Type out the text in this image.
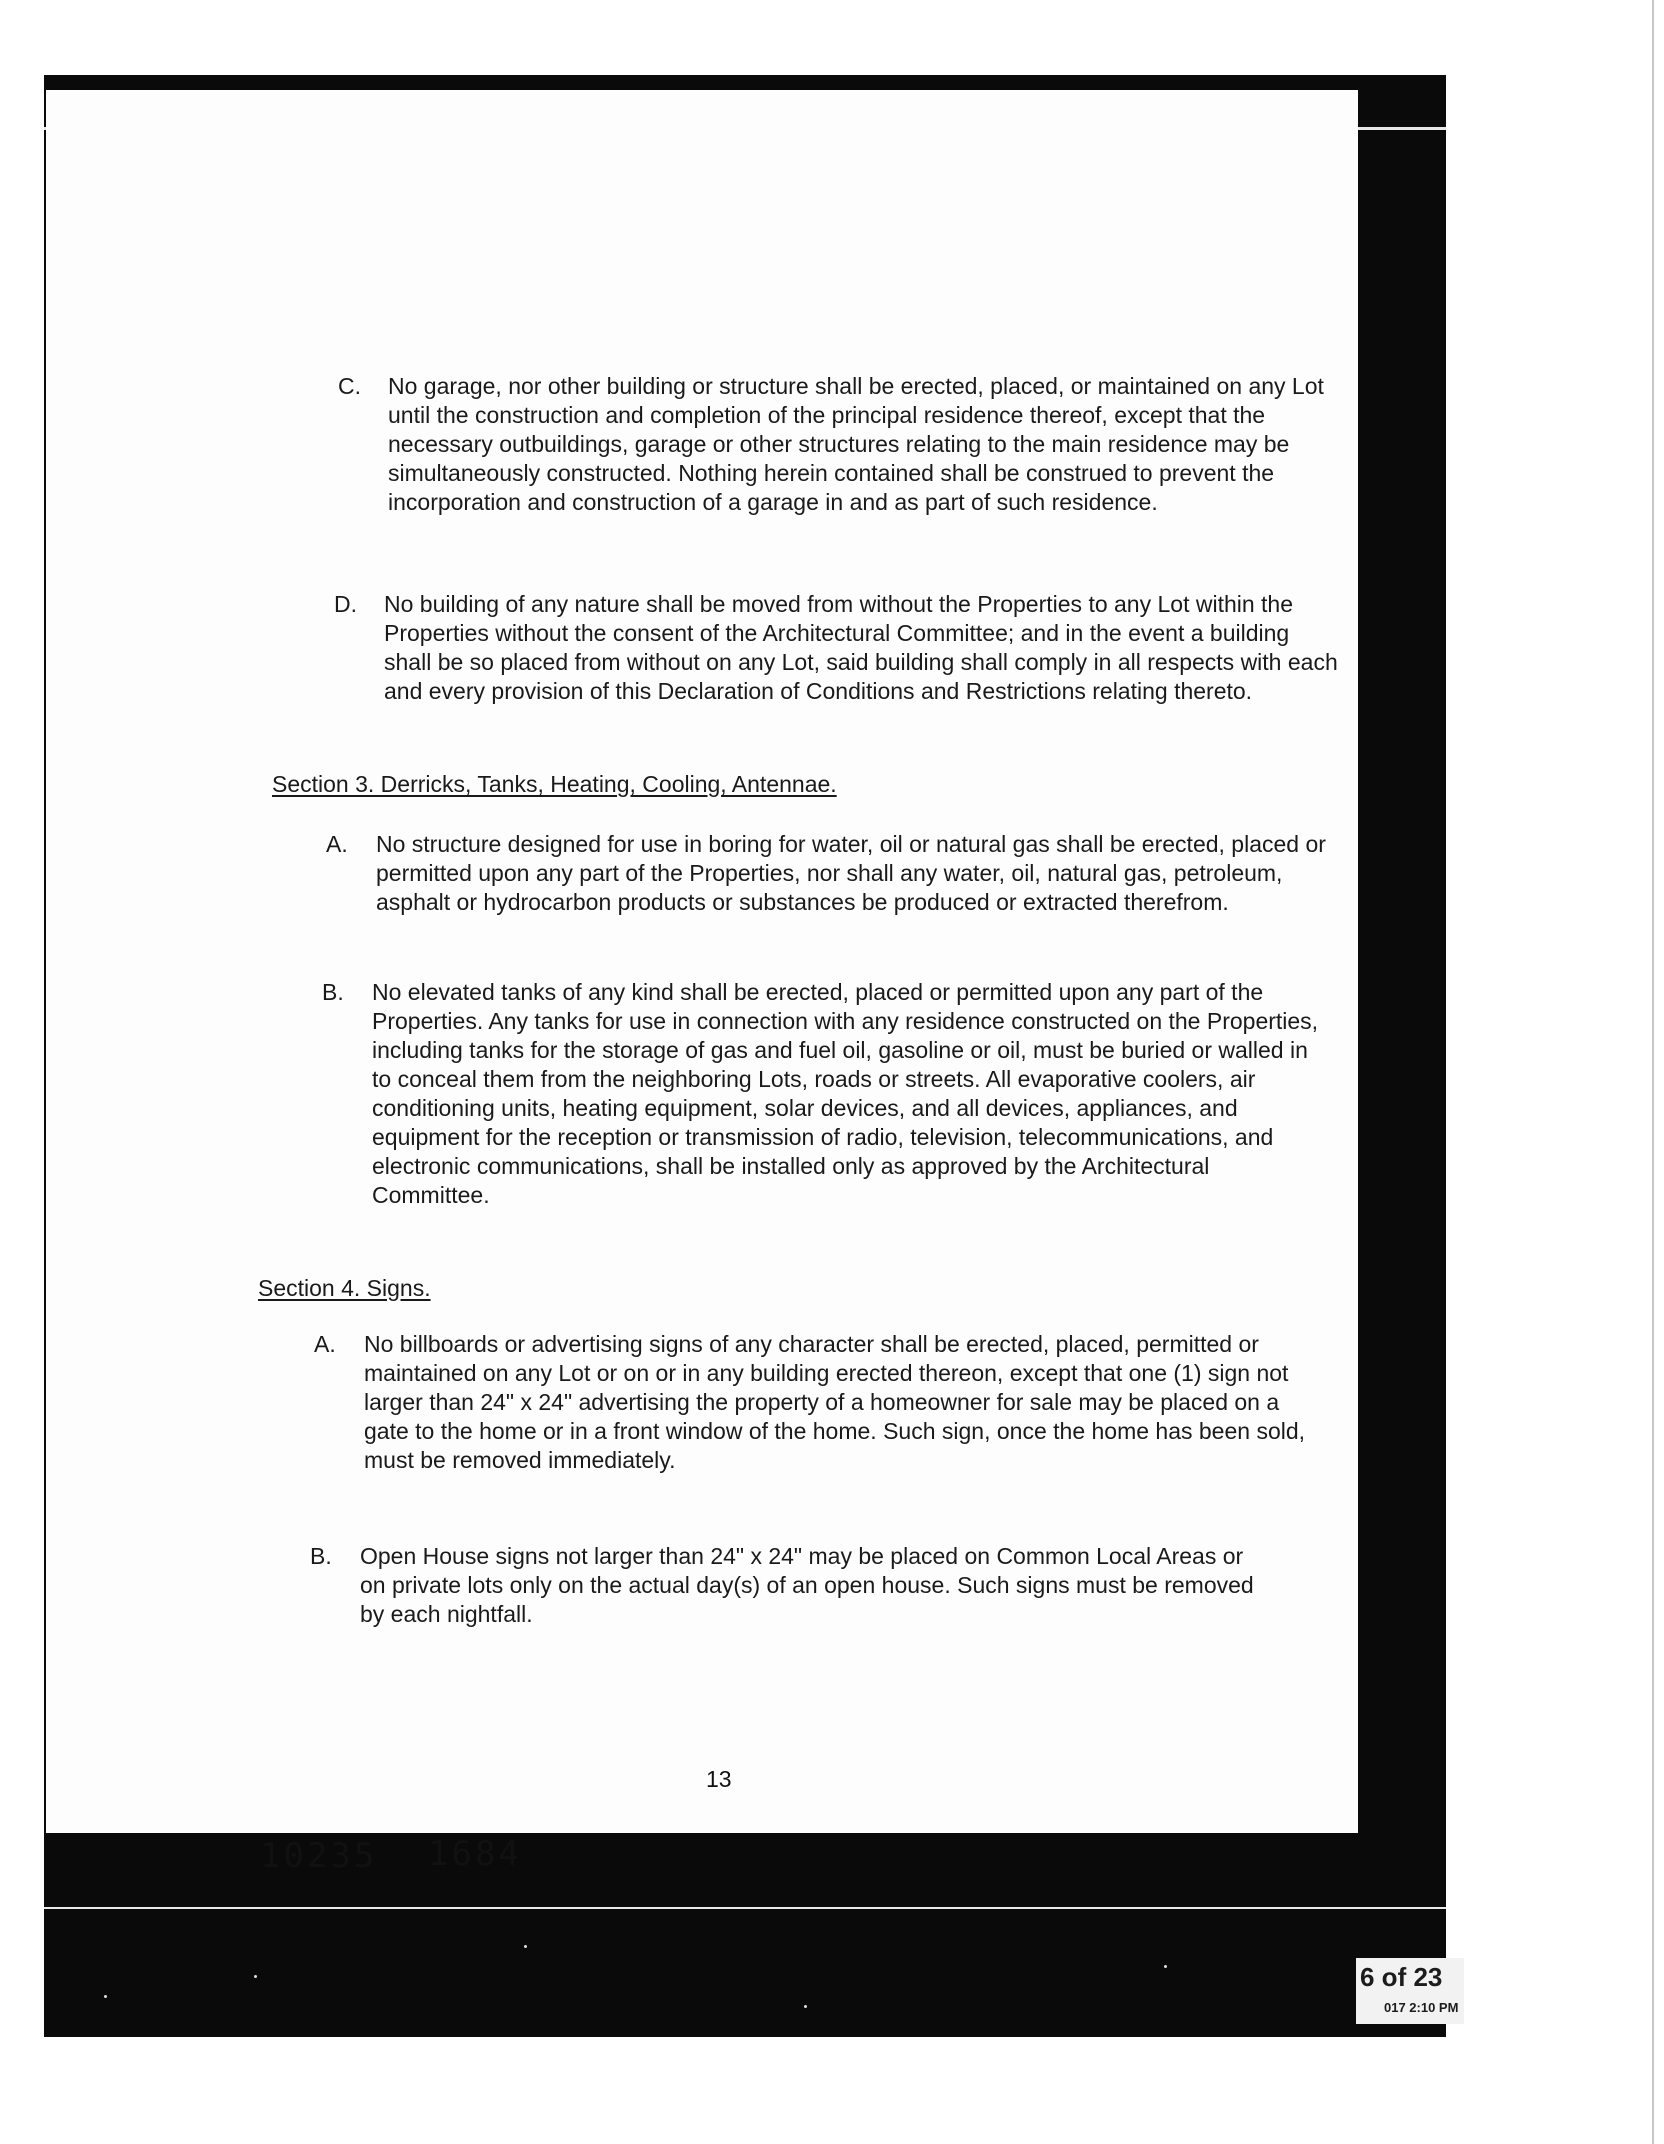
C.	No garage, nor other building or structure shall be erected, placed, or maintained on any Lot until the construction and completion of the principal residence thereof, except that the necessary outbuildings, garage or other structures relating to the main residence may be simultaneously constructed. Nothing herein contained shall be construed to prevent the incorporation and construction of a garage in and as part of such residence.
D.	No building of any nature shall be moved from without the Properties to any Lot within the Properties without the consent of the Architectural Committee; and in the event a building shall be so placed from without on any Lot, said building shall comply in all respects with each and every provision of this Declaration of Conditions and Restrictions relating thereto.
Section 3. Derricks, Tanks, Heating, Cooling, Antennae.
A.	No structure designed for use in boring for water, oil or natural gas shall be erected, placed or permitted upon any part of the Properties, nor shall any water, oil, natural gas, petroleum, asphalt or hydrocarbon products or substances be produced or extracted therefrom.
B.	No elevated tanks of any kind shall be erected, placed or permitted upon any part of the Properties. Any tanks for use in connection with any residence constructed on the Properties, including tanks for the storage of gas and fuel oil, gasoline or oil, must be buried or walled in to conceal them from the neighboring Lots, roads or streets. All evaporative coolers, air conditioning units, heating equipment, solar devices, and all devices, appliances, and equipment for the reception or transmission of radio, television, telecommunications, and electronic communications, shall be installed only as approved by the Architectural Committee.
Section 4. Signs.
A.	No billboards or advertising signs of any character shall be erected, placed, permitted or maintained on any Lot or on or in any building erected thereon, except that one (1) sign not larger than 24" x 24" advertising the property of a homeowner for sale may be placed on a gate to the home or in a front window of the home. Such sign, once the home has been sold, must be removed immediately.
B.	Open House signs not larger than 24" x 24" may be placed on Common Local Areas or on private lots only on the actual day(s) of an open house. Such signs must be removed by each nightfall.
13
10235 1684
6 of 23
017 2:10 PM
